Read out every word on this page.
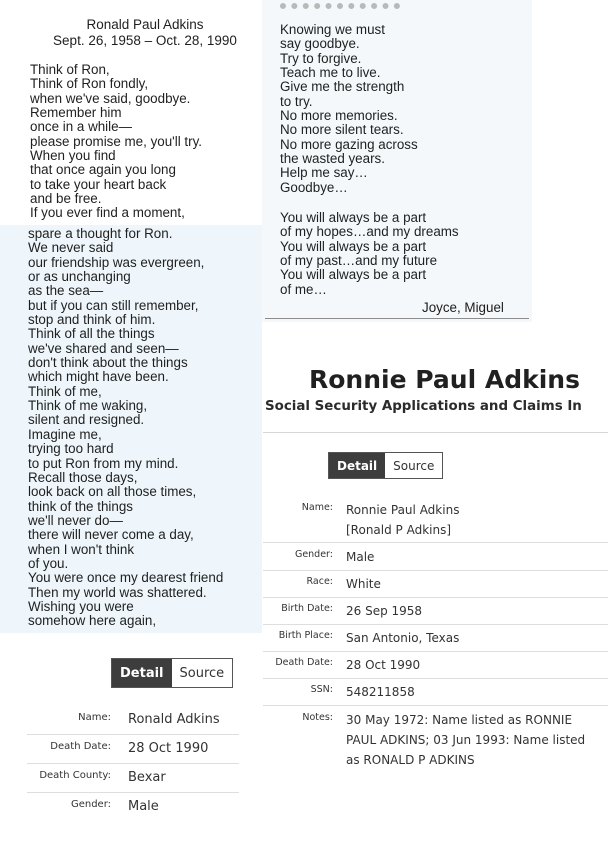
Ronald Paul Adkins
Sept. 26, 1958 – Oct. 28, 1990
Think of Ron,
Think of Ron fondly,
when we've said, goodbye.
Remember him
once in a while—
please promise me, you'll try.
When you find
that once again you long
to take your heart back
and be free.
If you ever find a moment,
spare a thought for Ron.
We never said
our friendship was evergreen,
or as unchanging
as the sea—
but if you can still remember,
stop and think of him.
Think of all the things
we've shared and seen—
don't think about the things
which might have been.
Think of me,
Think of me waking,
silent and resigned.
Imagine me,
trying too hard
to put Ron from my mind.
Recall those days,
look back on all those times,
think of the things
we'll never do—
there will never come a day,
when I won't think
of you.
You were once my dearest friend
Then my world was shattered.
Wishing you were
somehow here again,
Knowing we must
say goodbye.
Try to forgive.
Teach me to live.
Give me the strength
to try.
No more memories.
No more silent tears.
No more gazing across
the wasted years.
Help me say…
Goodbye…
You will always be a part
of my hopes…and my dreams
You will always be a part
of my past…and my future
You will always be a part
of me…
Joyce, Miguel
Ronnie Paul Adkins
Social Security Applications and Claims In
Detail	Source
Name: Ronnie Paul Adkins
[Ronald P Adkins]
Gender: Male
Race: White
Birth Date: 26 Sep 1958
Birth Place: San Antonio, Texas
Death Date: 28 Oct 1990
SSN: 548211858
Notes: 30 May 1972: Name listed as RONNIE
PAUL ADKINS; 03 Jun 1993: Name listed
as RONALD P ADKINS
Detail	Source
Name: Ronald Adkins
Death Date: 28 Oct 1990
Death County: Bexar
Gender: Male
